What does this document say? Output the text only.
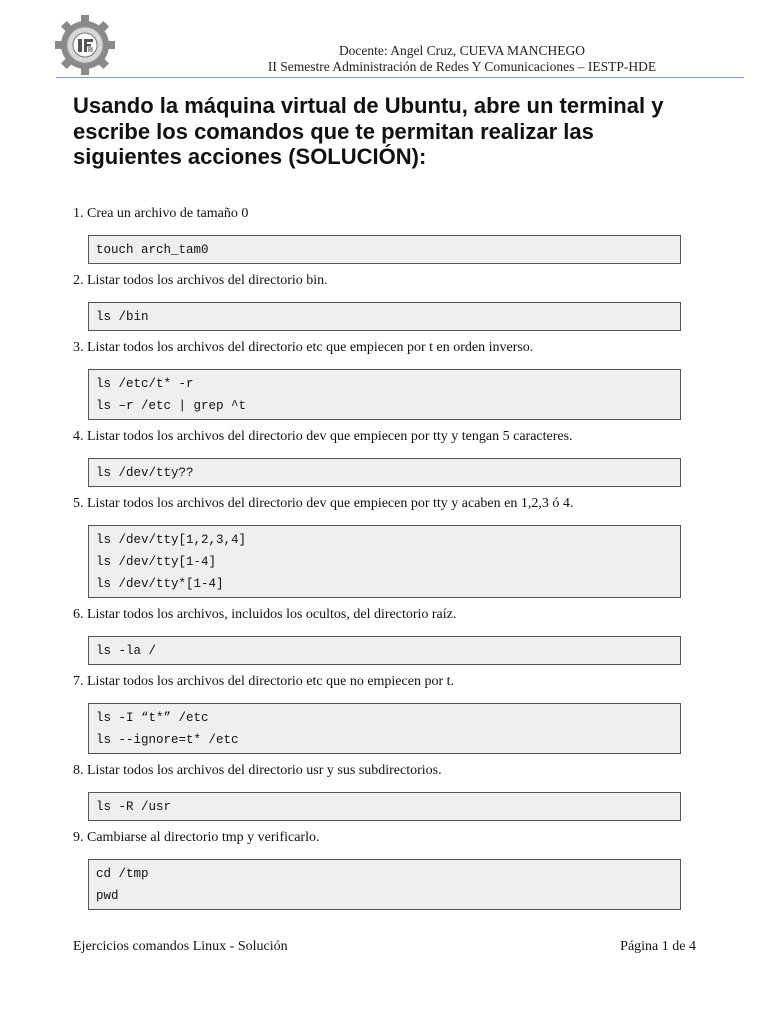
Docente: Angel Cruz, CUEVA MANCHEGO
II Semestre Administración de Redes Y Comunicaciones – IESTP-HDE
Usando la máquina virtual de Ubuntu, abre un terminal y escribe los comandos que te permitan realizar las siguientes acciones (SOLUCIÓN):

1. Crea un archivo de tamaño 0

touch arch_tam0

2. Listar todos los archivos del directorio bin.

ls /bin

3. Listar todos los archivos del directorio etc que empiecen por t en orden inverso.

ls /etc/t* -r
ls –r /etc | grep ^t

4. Listar todos los archivos del directorio dev que empiecen por tty y tengan 5 caracteres.

ls /dev/tty??

5. Listar todos los archivos del directorio dev que empiecen por tty y acaben en 1,2,3 ó 4.

ls /dev/tty[1,2,3,4]
ls /dev/tty[1-4]
ls /dev/tty*[1-4]

6. Listar todos los archivos, incluidos los ocultos, del directorio raíz.

ls -la /

7. Listar todos los archivos del directorio etc que no empiecen por t.

ls -I “t*” /etc
ls --ignore=t* /etc

8. Listar todos los archivos del directorio usr y sus subdirectorios.

ls -R /usr

9. Cambiarse al directorio tmp y verificarlo.

cd /tmp
pwd
Ejercicios comandos Linux - Solución	Página 1 de 4
